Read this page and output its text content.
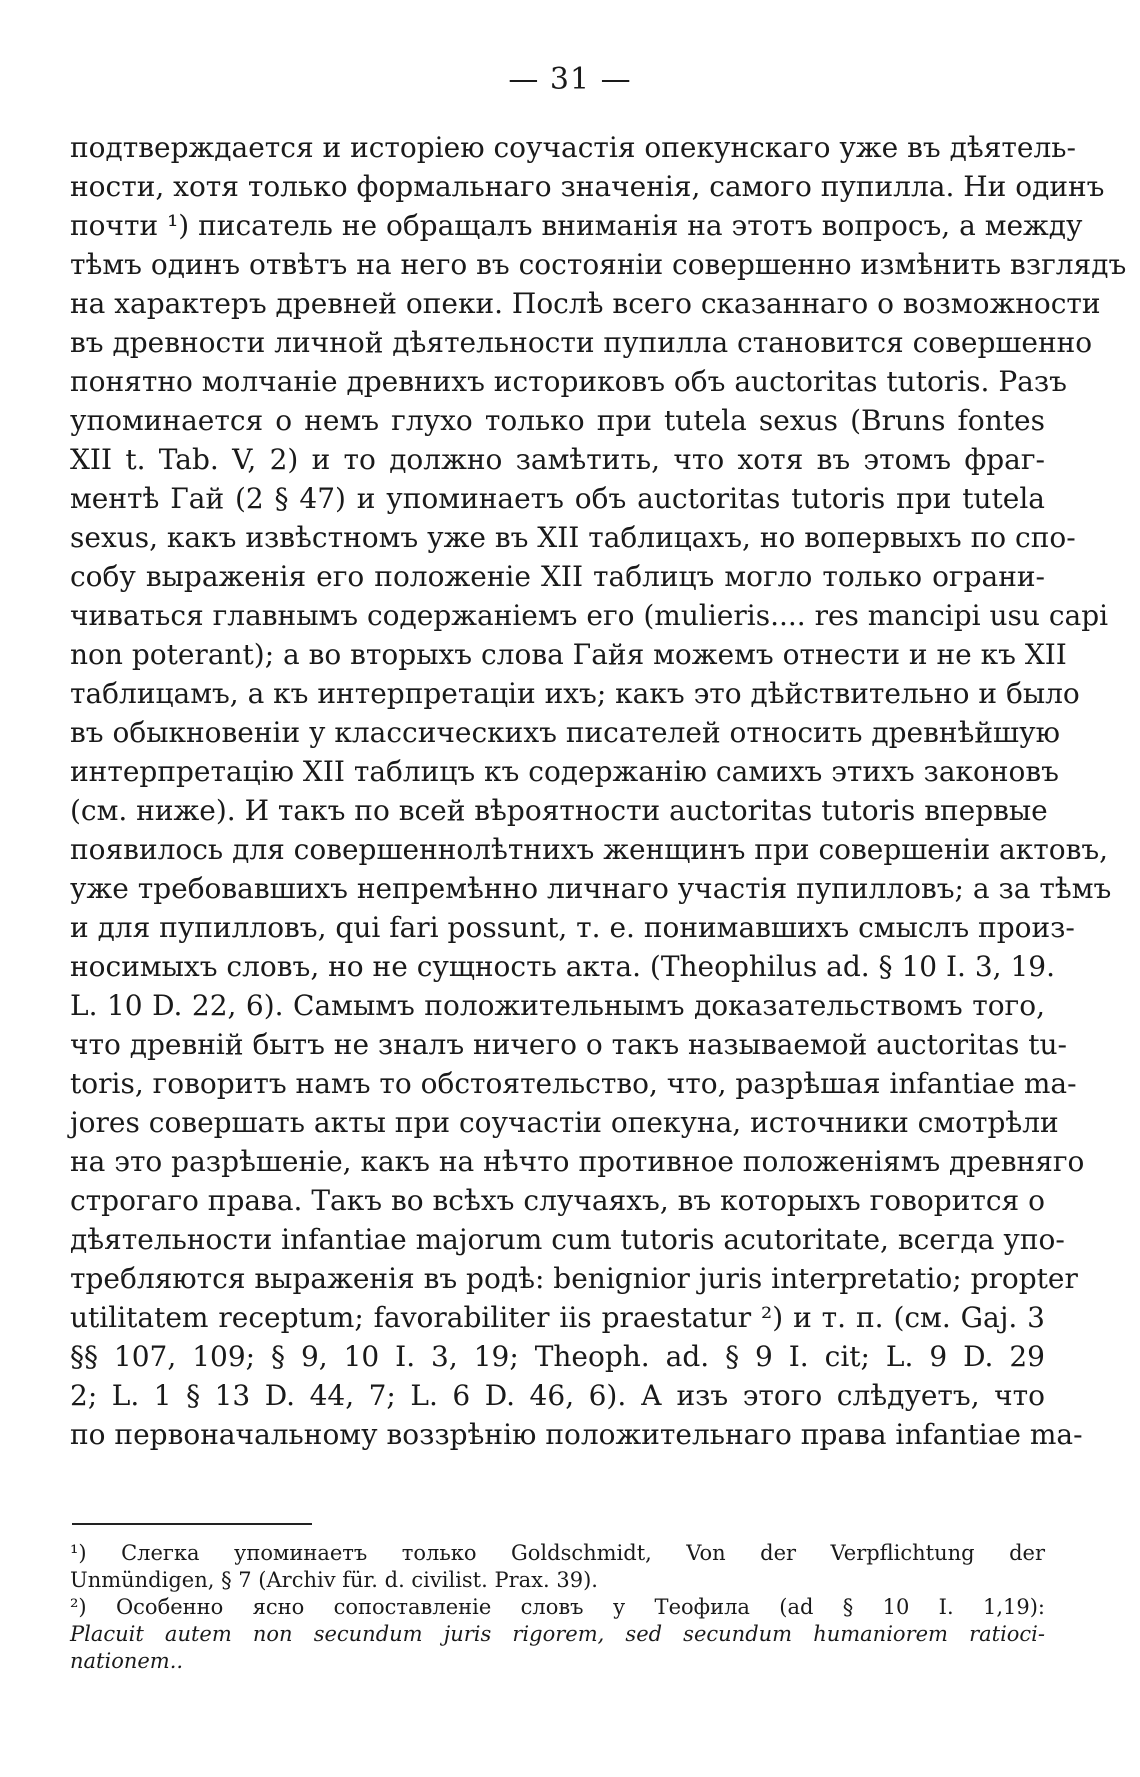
— 31 —
подтверждается и исторіею соучастія опекунскаго уже въ дѣятель-
ности, хотя только формальнаго значенія, самого пупилла. Ни одинъ
почти ¹) писатель не обращалъ вниманія на этотъ вопросъ, а между
тѣмъ одинъ отвѣтъ на него въ состояніи совершенно измѣнить взглядъ
на характеръ древней опеки. Послѣ всего сказаннаго о возможности
въ древности личной дѣятельности пупилла становится совершенно
понятно молчаніе древнихъ историковъ объ auctoritas tutoris. Разъ
упоминается о немъ глухо только при tutela sexus (Bruns fontes
XII t. Tab. V, 2) и то должно замѣтить, что хотя въ этомъ фраг-
ментѣ Гай (2 § 47) и упоминаетъ объ auctoritas tutoris при tutela
sexus, какъ извѣстномъ уже въ XII таблицахъ, но вопервыхъ по спо-
собу выраженія его положеніе XII таблицъ могло только ограни-
чиваться главнымъ содержаніемъ его (mulieris.... res mancipi usu capi
non poterant); а во вторыхъ слова Гайя можемъ отнести и не къ XII
таблицамъ, а къ интерпретаціи ихъ; какъ это дѣйствительно и было
въ обыкновеніи у классическихъ писателей относить древнѣйшую
интерпретацію XII таблицъ къ содержанію самихъ этихъ законовъ
(см. ниже). И такъ по всей вѣроятности auctoritas tutoris впервые
появилось для совершеннолѣтнихъ женщинъ при совершеніи актовъ,
уже требовавшихъ непремѣнно личнаго участія пупилловъ; а за тѣмъ
и для пупилловъ, qui fari possunt, т. е. понимавшихъ смыслъ произ-
носимыхъ словъ, но не сущность акта. (Theophilus ad. § 10 I. 3, 19.
L. 10 D. 22, 6). Самымъ положительнымъ доказательствомъ того,
что древній бытъ не зналъ ничего о такъ называемой auctoritas tu-
toris, говоритъ намъ то обстоятельство, что, разрѣшая infantiae ma-
jores совершать акты при соучастіи опекуна, источники смотрѣли
на это разрѣшеніе, какъ на нѣчто противное положеніямъ древняго
строгаго права. Такъ во всѣхъ случаяхъ, въ которыхъ говорится о
дѣятельности infantiae majorum cum tutoris acutoritate, всегда упо-
требляются выраженія въ родѣ: benignior juris interpretatio; propter
utilitatem receptum; favorabiliter iis praestatur ²) и т. п. (см. Gaj. 3
§§ 107, 109; § 9, 10 I. 3, 19; Theoph. ad. § 9 I. cit; L. 9 D. 29
2; L. 1 § 13 D. 44, 7; L. 6 D. 46, 6). А изъ этого слѣдуетъ, что
по первоначальному воззрѣнію положительнаго права infantiae ma-
¹) Слегка упоминаетъ только Goldschmidt, Von der Verpflichtung der
Unmündigen, § 7 (Archiv für. d. civilist. Prax. 39).
²) Особенно ясно сопоставленіе словъ у Теофила (ad § 10 I. 1,19):
Placuit autem non secundum juris rigorem, sed secundum humaniorem ratioci-
nationem..
